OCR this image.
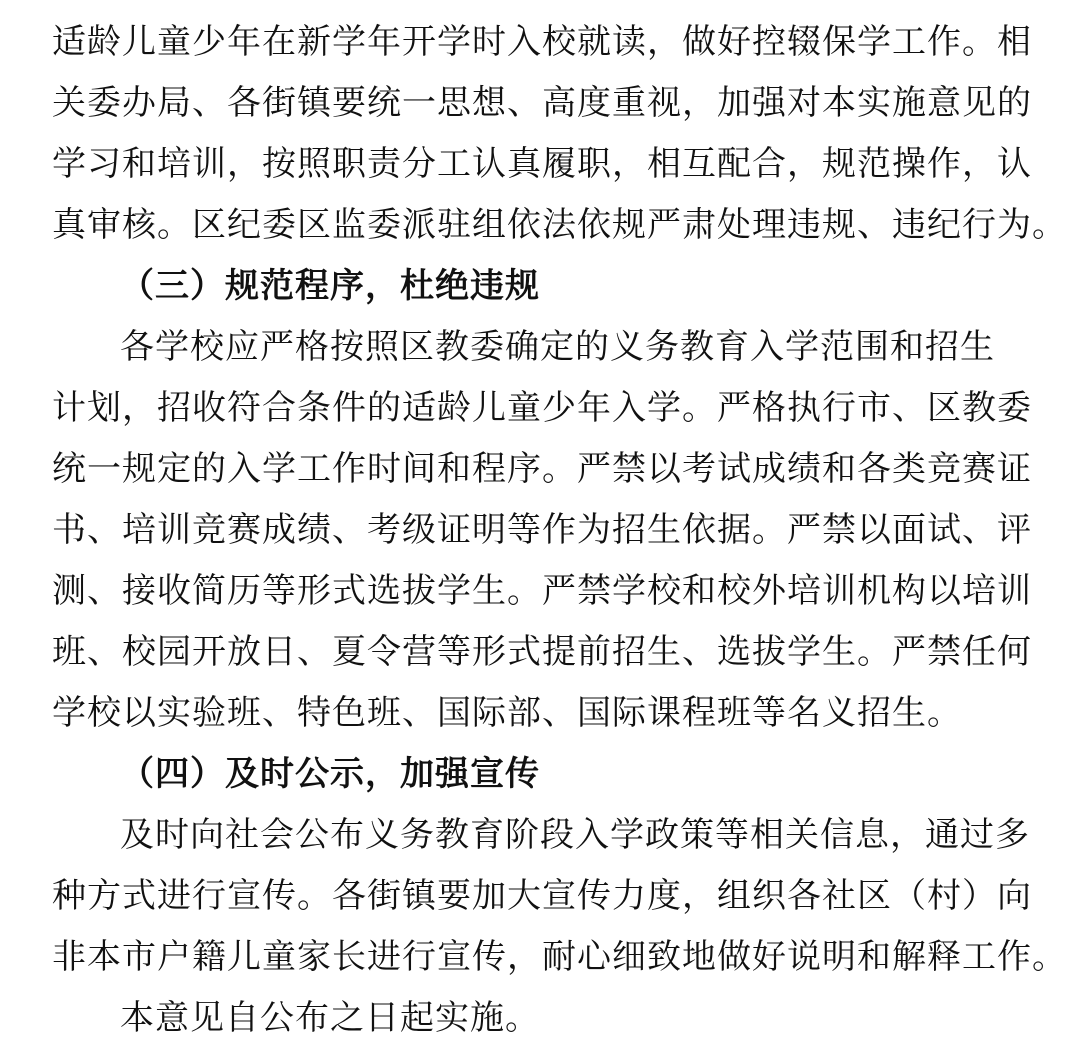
适龄儿童少年在新学年开学时入校就读，做好控辍保学工作。相
关委办局、各街镇要统一思想、高度重视，加强对本实施意见的
学习和培训，按照职责分工认真履职，相互配合，规范操作，认
真审核。区纪委区监委派驻组依法依规严肃处理违规、违纪行为。
（三）规范程序，杜绝违规
各学校应严格按照区教委确定的义务教育入学范围和招生
计划，招收符合条件的适龄儿童少年入学。严格执行市、区教委
统一规定的入学工作时间和程序。严禁以考试成绩和各类竞赛证
书、培训竞赛成绩、考级证明等作为招生依据。严禁以面试、评
测、接收简历等形式选拔学生。严禁学校和校外培训机构以培训
班、校园开放日、夏令营等形式提前招生、选拔学生。严禁任何
学校以实验班、特色班、国际部、国际课程班等名义招生。
（四）及时公示，加强宣传
及时向社会公布义务教育阶段入学政策等相关信息，通过多
种方式进行宣传。各街镇要加大宣传力度，组织各社区（村）向
非本市户籍儿童家长进行宣传，耐心细致地做好说明和解释工作。
本意见自公布之日起实施。
